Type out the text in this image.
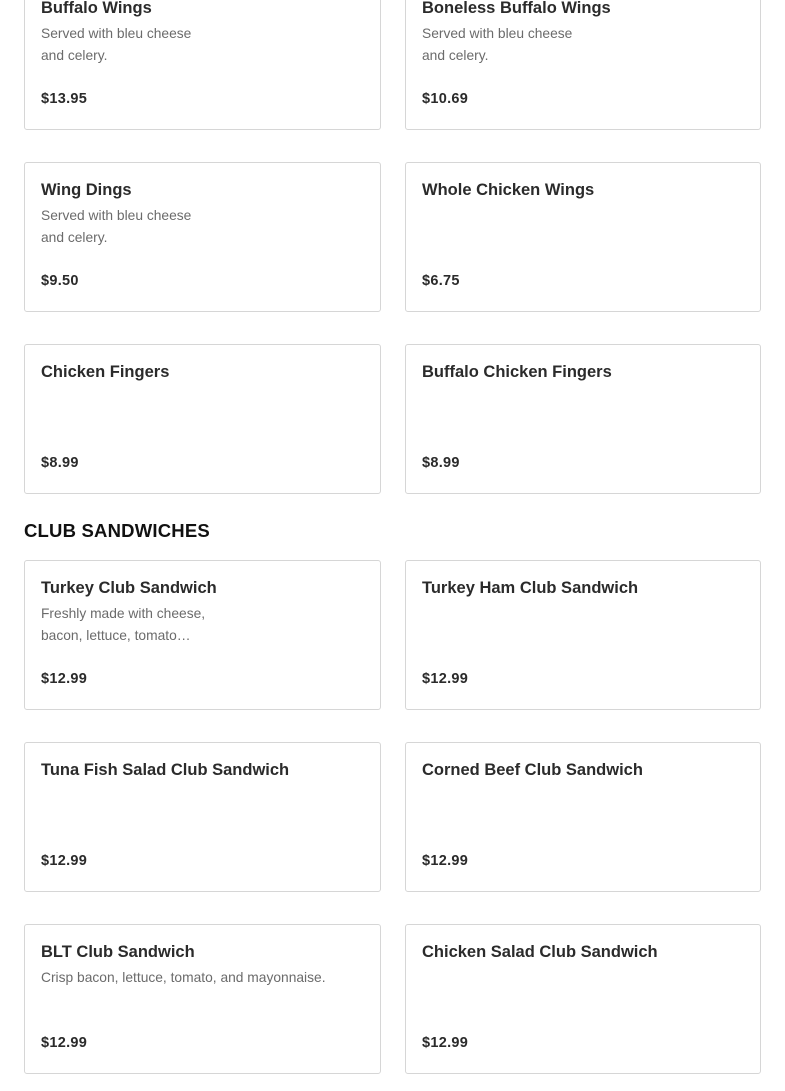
Buffalo Wings
Served with bleu cheese and celery.
$13.95
Boneless Buffalo Wings
Served with bleu cheese and celery.
$10.69
Wing Dings
Served with bleu cheese and celery.
$9.50
Whole Chicken Wings
$6.75
Chicken Fingers
$8.99
Buffalo Chicken Fingers
$8.99
CLUB SANDWICHES
Turkey Club Sandwich
Freshly made with cheese, bacon, lettuce, tomato…
$12.99
Turkey Ham Club Sandwich
$12.99
Tuna Fish Salad Club Sandwich
$12.99
Corned Beef Club Sandwich
$12.99
BLT Club Sandwich
Crisp bacon, lettuce, tomato, and mayonnaise.
$12.99
Chicken Salad Club Sandwich
$12.99
